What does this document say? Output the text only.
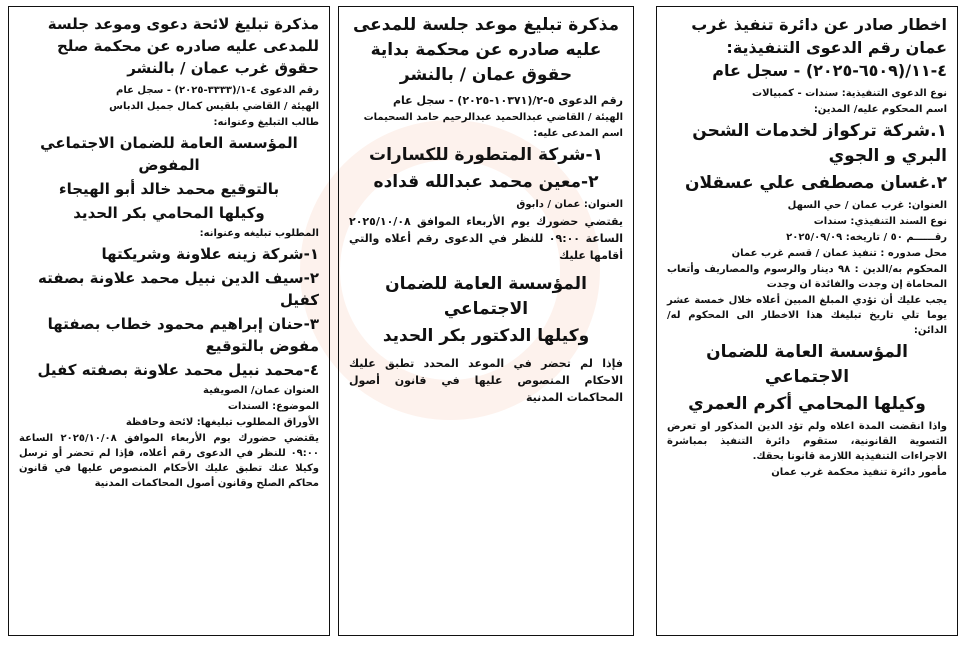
اخطار صادر عن دائرة تنفيذ غرب عمان رقم الدعوى التنفيذية: ٤-١١/(٦٥٠٩-٢٠٢٥) - سجل عام
نوع الدعوى التنفيذية: سندات - كمبيالات
اسم المحكوم عليه/ المدين:
١.شركة تركواز لخدمات الشحن البري و الجوي
٢.غسان مصطفى علي عسقلان
العنوان: غرب عمان / حي السهل
نوع السند التنفيذي: سندات
رقــــــم ٥٠ / تاريخه: ٢٠٢٥/٠٩/٠٩
محل صدوره : تنفيذ عمان / قسم غرب عمان
المحكوم به/الدين : ٩٨ دينار والرسوم والمصاريف وأتعاب المحاماة إن وجدت والفائدة ان وجدت
يجب عليك أن تؤدي المبلغ المبين أعلاه خلال خمسة عشر يوما تلي تاريخ تبليغك هذا الاخطار الى المحكوم له/ الدائن:
المؤسسة العامة للضمان الاجتماعي
وكيلها المحامي أكرم العمري
واذا انقضت المدة اعلاه ولم تؤد الدين المذكور او تعرض التسوية القانونية، ستقوم دائرة التنفيذ بمباشرة الاجراءات التنفيذية اللازمة قانونا بحقك.
مأمور دائرة تنفيذ محكمة غرب عمان
مذكرة تبليغ موعد جلسة للمدعى عليه صادره عن محكمة بداية حقوق عمان / بالنشر
رقم الدعوى ٥-٢/(١٠٣٧١-٢٠٢٥) - سجل عام
الهيئة / القاضي عبدالحميد عبدالرحيم حامد السحيمات
اسم المدعى عليه:
١-شركة المتطورة للكسارات
٢-معين محمد عبدالله قداده
العنوان: عمان / دابوق
يقتضي حضورك يوم الأربعاء الموافق ٢٠٢٥/١٠/٠٨ الساعة ٠٩:٠٠ للنظر في الدعوى رقم أعلاه والتي أقامها عليك
المؤسسة العامة للضمان الاجتماعي
وكيلها الدكتور بكر الحديد
فإذا لم تحضر في الموعد المحدد تطبق عليك الاحكام المنصوص عليها في قانون أصول المحاكمات المدنية
مذكرة تبليغ لائحة دعوى وموعد جلسة للمدعى عليه صادره عن محكمة صلح حقوق غرب عمان / بالنشر
رقم الدعوى ٤-١/(٣٣٣٣-٢٠٢٥) - سجل عام
الهيئة / القاضي بلقيس كمال جميل الدباس
طالب التبليغ وعنوانه:
المؤسسة العامة للضمان الاجتماعي المفوض
بالتوقيع محمد خالد أبو الهيجاء
وكيلها المحامي بكر الحديد
المطلوب تبليغه وعنوانه:
١-شركة زينه علاونة وشريكتها
٢-سيف الدين نبيل محمد علاونة بصفته كفيل
٣-حنان إبراهيم محمود خطاب بصفتها مفوض بالتوقيع
٤-محمد نبيل محمد علاونة بصفته كفيل
العنوان عمان/ الصويفية
الموضوع: السندات
الأوراق المطلوب تبليغها: لائحة وحافظة
يقتضي حضورك يوم الأربعاء الموافق ٢٠٢٥/١٠/٠٨ الساعة ٠٩:٠٠ للنظر في الدعوى رقم أعلاه، فإذا لم تحضر أو ترسل وكيلا عنك تطبق عليك الأحكام المنصوص عليها في قانون محاكم الصلح وقانون أصول المحاكمات المدنية
